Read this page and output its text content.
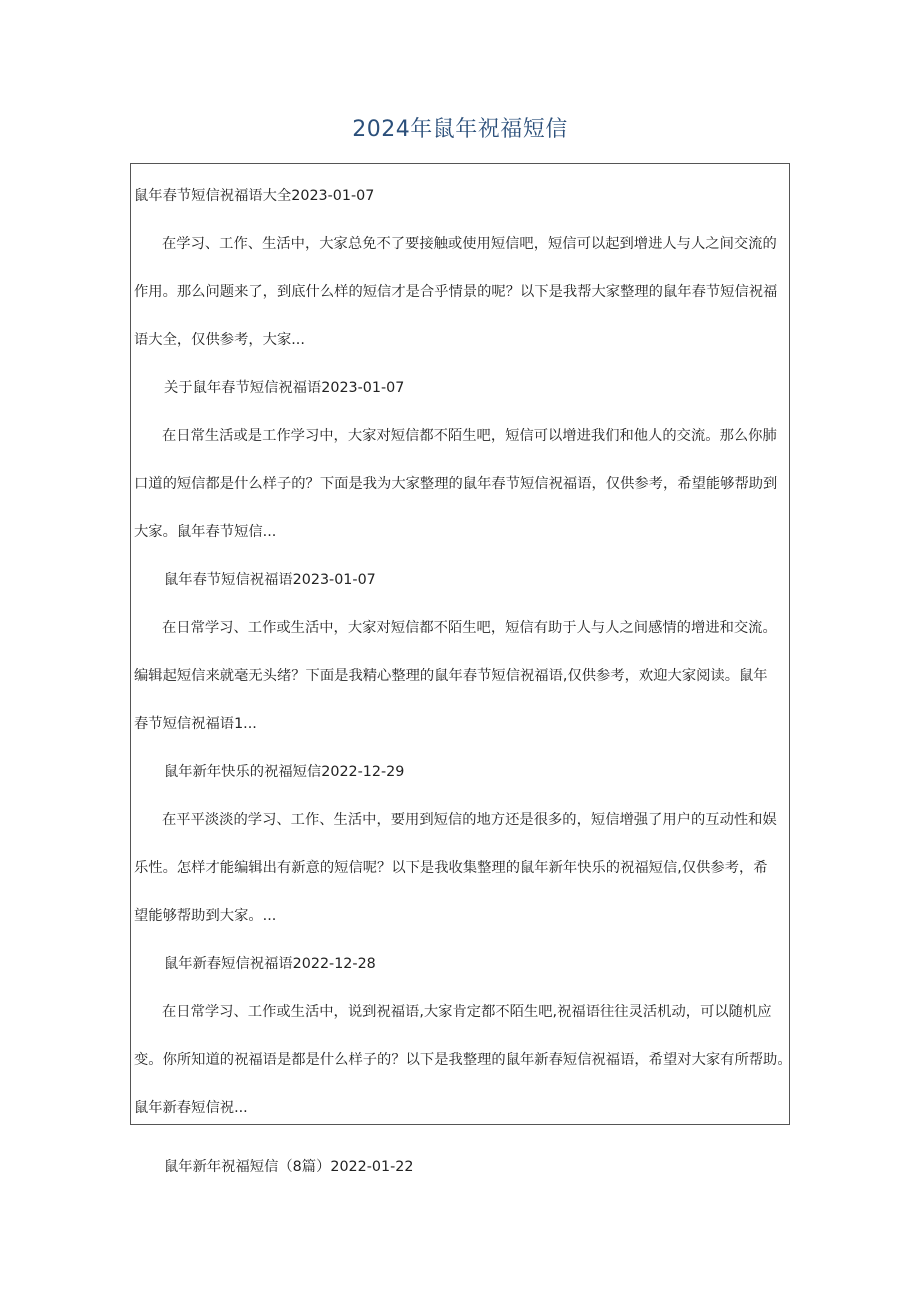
2024年鼠年祝福短信
鼠年春节短信祝福语大全2023-01-07
在学习、工作、生活中，大家总免不了要接触或使用短信吧，短信可以起到增进人与人之间交流的
作用。那么问题来了，到底什么样的短信才是合乎情景的呢？以下是我帮大家整理的鼠年春节短信祝福
语大全，仅供参考，大家...
关于鼠年春节短信祝福语2023-01-07
在日常生活或是工作学习中，大家对短信都不陌生吧，短信可以增进我们和他人的交流。那么你肺
口道的短信都是什么样子的？下面是我为大家整理的鼠年春节短信祝福语，仅供参考，希望能够帮助到
大家。鼠年春节短信...
鼠年春节短信祝福语2023-01-07
在日常学习、工作或生活中，大家对短信都不陌生吧，短信有助于人与人之间感情的增进和交流。
编辑起短信来就毫无头绪？下面是我精心整理的鼠年春节短信祝福语,仅供参考，欢迎大家阅读。鼠年
春节短信祝福语1...
鼠年新年快乐的祝福短信2022-12-29
在平平淡淡的学习、工作、生活中，要用到短信的地方还是很多的，短信增强了用户的互动性和娱
乐性。怎样才能编辑出有新意的短信呢？以下是我收集整理的鼠年新年快乐的祝福短信,仅供参考，希
望能够帮助到大家。...
鼠年新春短信祝福语2022-12-28
在日常学习、工作或生活中，说到祝福语,大家肯定都不陌生吧,祝福语往往灵活机动，可以随机应
变。你所知道的祝福语是都是什么样子的？以下是我整理的鼠年新春短信祝福语，希望对大家有所帮助。
鼠年新春短信祝...
鼠年新年祝福短信（8篇）2022-01-22
